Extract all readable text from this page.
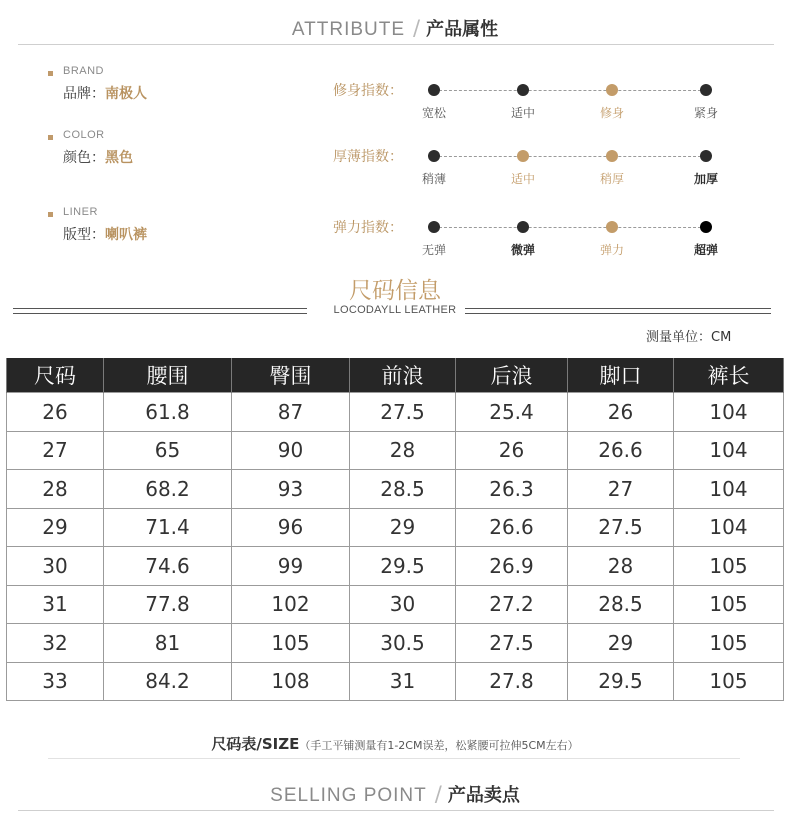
ATTRIBUTE / 产品属性
BRAND
品牌：南极人
COLOR
颜色：黑色
LINER
版型：喇叭裤
修身指数：
宽松	适中	修身	紧身
厚薄指数：
稍薄	适中	稍厚	加厚
弹力指数：
无弹	微弹	弹力	超弹
尺码信息
LOCODAYLL LEATHER
测量单位：CM
尺码	腰围	臀围	前浪	后浪	脚口	裤长
26	61.8	87	27.5	25.4	26	104
27	65	90	28	26	26.6	104
28	68.2	93	28.5	26.3	27	104
29	71.4	96	29	26.6	27.5	104
30	74.6	99	29.5	26.9	28	105
31	77.8	102	30	27.2	28.5	105
32	81	105	30.5	27.5	29	105
33	84.2	108	31	27.8	29.5	105
尺码表/SIZE（手工平铺测量有1-2CM误差，松紧腰可拉伸5CM左右）
SELLING POINT / 产品卖点
